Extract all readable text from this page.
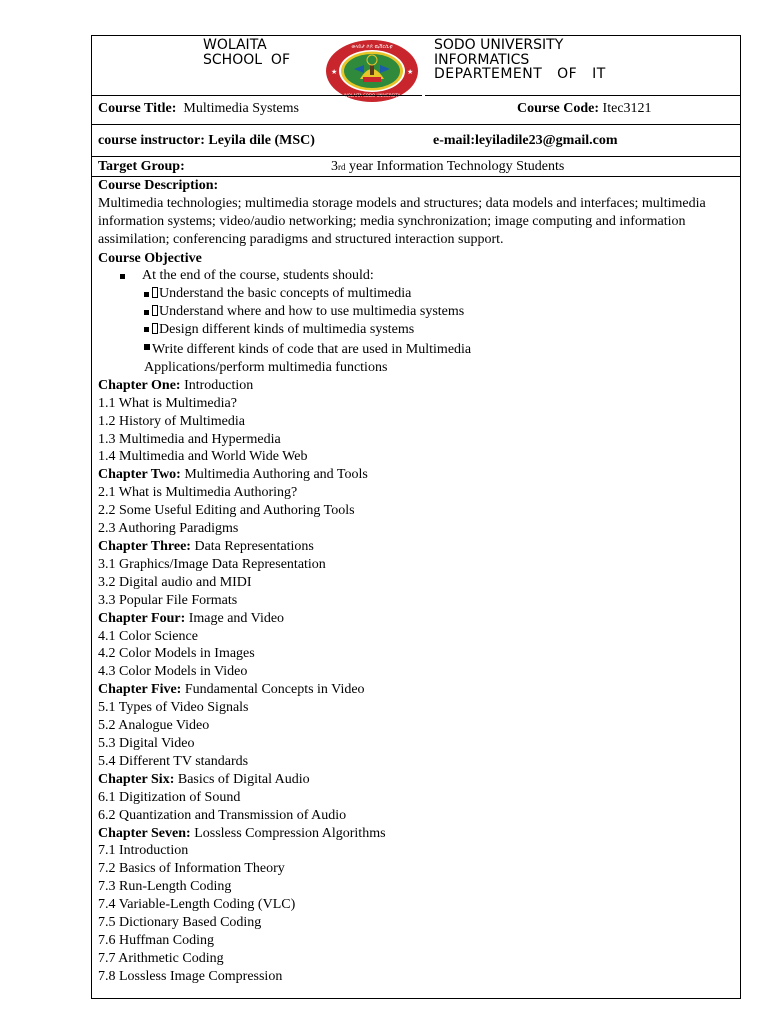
WOLAITA
SCHOOL  OF
ወላይታ ሶዶ ዩኒቨርሲቲ
WOLAITA SODO UNIVERSITY
★	★
SODO UNIVERSITY
INFORMATICS
DEPARTEMENT   OF   IT
Course Title: Multimedia Systems	Course Code: Itec3121
course instructor: Leyila dile (MSC)	e-mail:leyiladile23@gmail.com
Target Group:	3rd year Information Technology Students
Course Description:
Multimedia technologies; multimedia storage models and structures; data models and interfaces; multimedia information systems; video/audio networking; media synchronization; image computing and information assimilation; conferencing paradigms and structured interaction support.
Course Objective
At the end of the course, students should:
Understand the basic concepts of multimedia
Understand where and how to use multimedia systems
Design different kinds of multimedia systems
Write different kinds of code that are used in Multimedia
Applications/perform multimedia functions
Chapter One: Introduction
1.1 What is Multimedia?
1.2 History of Multimedia
1.3 Multimedia and Hypermedia
1.4 Multimedia and World Wide Web
Chapter Two: Multimedia Authoring and Tools
2.1 What is Multimedia Authoring?
2.2 Some Useful Editing and Authoring Tools
2.3 Authoring Paradigms
Chapter Three: Data Representations
3.1 Graphics/Image Data Representation
3.2 Digital audio and MIDI
3.3 Popular File Formats
Chapter Four: Image and Video
4.1 Color Science
4.2 Color Models in Images
4.3 Color Models in Video
Chapter Five: Fundamental Concepts in Video
5.1 Types of Video Signals
5.2 Analogue Video
5.3 Digital Video
5.4 Different TV standards
Chapter Six: Basics of Digital Audio
6.1 Digitization of Sound
6.2 Quantization and Transmission of Audio
Chapter Seven: Lossless Compression Algorithms
7.1 Introduction
7.2 Basics of Information Theory
7.3 Run-Length Coding
7.4 Variable-Length Coding (VLC)
7.5 Dictionary Based Coding
7.6 Huffman Coding
7.7 Arithmetic Coding
7.8 Lossless Image Compression
